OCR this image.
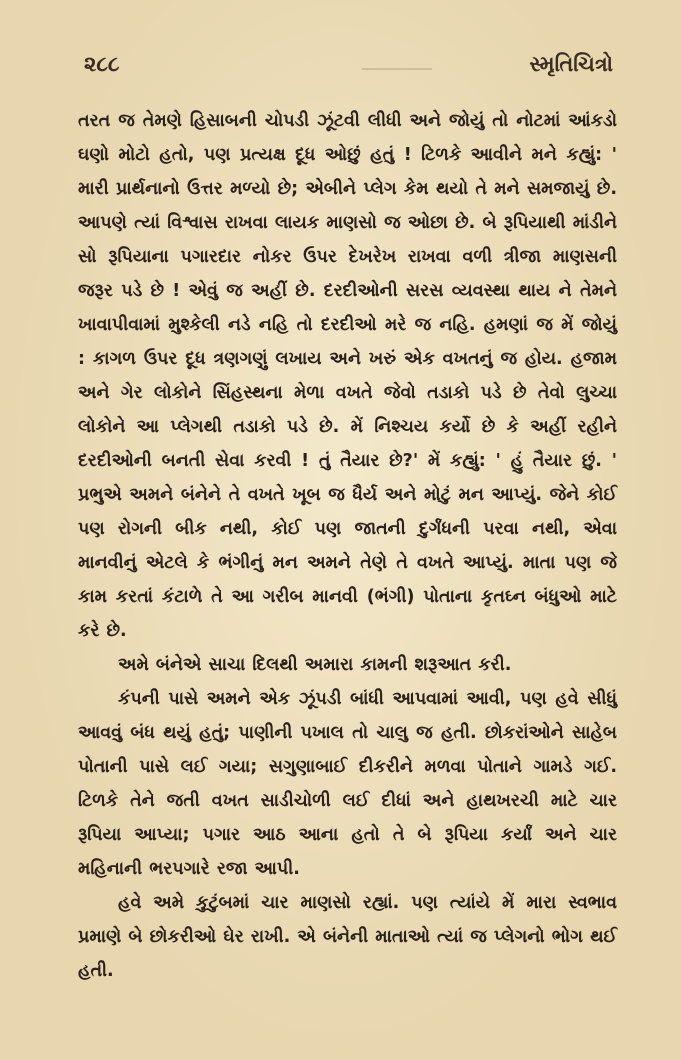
૨૮૮	સ્મૃતિચિત્રો

તરત જ તેમણે હિસાબની ચોપડી ઝૂંટવી લીધી અને જોયું તો નોટમાં આંકડો ઘણો મોટો હતો, પણ પ્રત્યક્ષ દૂધ ઓછું હતું ! ટિળકે આવીને મને કહ્યું: ' મારી પ્રાર્થનાનો ઉત્તર મળ્યો છે; એબીને પ્લેગ કેમ થયો તે મને સમજાયું છે. આપણે ત્યાં વિશ્વાસ રાખવા લાયક માણસો જ ઓછા છે. બે રૂપિયાથી માંડીને સો રૂપિયાના પગારદાર નોકર ઉપર દેખરેખ રાખવા વળી ત્રીજા માણસની જરૂર પડે છે ! એવું જ અહીં છે. દરદીઓની સરસ વ્યવસ્થા થાય ને તેમને ખાવાપીવામાં મુશ્કેલી નડે નહિ તો દરદીઓ મરે જ નહિ. હમણાં જ મેં જોયું : કાગળ ઉપર દૂધ ત્રણગણું લખાય અને ખરું એક વખતનું જ હોય. હજામ અને ગેર લોકોને સિંહસ્થના મેળા વખતે જેવો તડાકો પડે છે તેવો લુચ્ચા લોકોને આ પ્લેગથી તડાકો પડે છે. મેં નિશ્ચય કર્યો છે કે અહીં રહીને દરદીઓની બનતી સેવા કરવી ! તું તૈયાર છે?' મેં કહ્યું: ' હું તૈયાર છું. ' પ્રભુએ અમને બંનેને તે વખતે ખૂબ જ ધૈર્ય અને મોટું મન આપ્યું. જેને કોઈ પણ રોગની બીક નથી, કોઈ પણ જાતની દુર્ગંધની પરવા નથી, એવા માનવીનું એટલે કે ભંગીનું મન અમને તેણે તે વખતે આપ્યું. માતા પણ જે કામ કરતાં કંટાળે તે આ ગરીબ માનવી (ભંગી) પોતાના કૃતઘ્ન બંધુઓ માટે કરે છે.

અમે બંનેએ સાચા દિલથી અમારા કામની શરૂઆત કરી.

કંપની પાસે અમને એક ઝૂંપડી બાંધી આપવામાં આવી, પણ હવે સીધું આવવું બંધ થયું હતું; પાણીની પખાલ તો ચાલુ જ હતી. છોકરાંઓને સાહેબ પોતાની પાસે લઈ ગયા; સગુણાબાઈ દીકરીને મળવા પોતાને ગામડે ગઈ. ટિળકે તેને જતી વખત સાડીચોળી લઈ દીધાં અને હાથખરચી માટે ચાર રૂપિયા આપ્યા; પગાર આઠ આના હતો તે બે રૂપિયા કર્યાં અને ચાર મહિનાની ભરપગારે રજા આપી.

હવે અમે કુટુંબમાં ચાર માણસો રહ્યાં. પણ ત્યાંયે મેં મારા સ્વભાવ પ્રમાણે બે છોકરીઓ ઘેર રાખી. એ બંનેની માતાઓ ત્યાં જ પ્લેગનો ભોગ થઈ હતી.
